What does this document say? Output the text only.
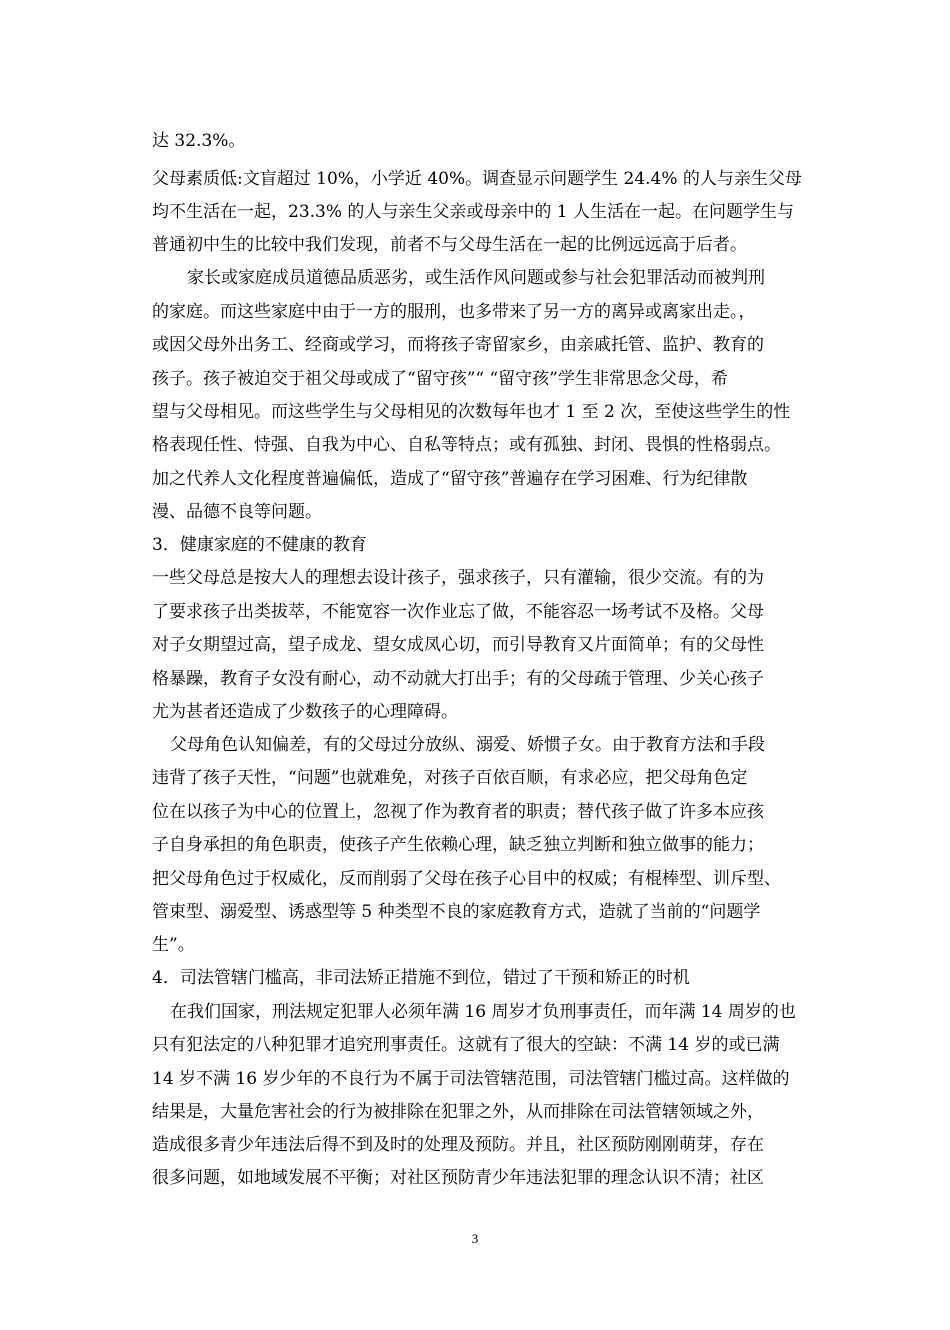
达 32.3%。
父母素质低:文盲超过 10%，小学近 40%。调查显示问题学生 24.4% 的人与亲生父母
均不生活在一起，23.3% 的人与亲生父亲或母亲中的 1 人生活在一起。在问题学生与
普通初中生的比较中我们发现，前者不与父母生活在一起的比例远远高于后者。
家长或家庭成员道德品质恶劣，或生活作风问题或参与社会犯罪活动而被判刑
的家庭。而这些家庭中由于一方的服刑，也多带来了另一方的离异或离家出走。，
或因父母外出务工、经商或学习，而将孩子寄留家乡，由亲戚托管、监护、教育的
孩子。孩子被迫交于祖父母或成了“留守孩”“ “留守孩”学生非常思念父母，希
望与父母相见。而这些学生与父母相见的次数每年也才 1 至 2 次，至使这些学生的性
格表现任性、恃强、自我为中心、自私等特点；或有孤独、封闭、畏惧的性格弱点。
加之代养人文化程度普遍偏低，造成了“留守孩”普遍存在学习困难、行为纪律散
漫、品德不良等问题。
3．健康家庭的不健康的教育
一些父母总是按大人的理想去设计孩子，强求孩子，只有灌输，很少交流。有的为
了要求孩子出类拔萃，不能宽容一次作业忘了做，不能容忍一场考试不及格。父母
对子女期望过高，望子成龙、望女成凤心切，而引导教育又片面简单；有的父母性
格暴躁，教育子女没有耐心，动不动就大打出手；有的父母疏于管理、少关心孩子
尤为甚者还造成了少数孩子的心理障碍。
父母角色认知偏差，有的父母过分放纵、溺爱、娇惯子女。由于教育方法和手段
违背了孩子天性，“问题”也就难免，对孩子百依百顺，有求必应，把父母角色定
位在以孩子为中心的位置上，忽视了作为教育者的职责；替代孩子做了许多本应孩
子自身承担的角色职责，使孩子产生依赖心理，缺乏独立判断和独立做事的能力；
把父母角色过于权威化，反而削弱了父母在孩子心目中的权威；有棍棒型、训斥型、
管束型、溺爱型、诱惑型等 5 种类型不良的家庭教育方式，造就了当前的“问题学
生”。
4．司法管辖门槛高，非司法矫正措施不到位，错过了干预和矫正的时机
在我们国家，刑法规定犯罪人必须年满 16 周岁才负刑事责任，而年满 14 周岁的也
只有犯法定的八种犯罪才追究刑事责任。这就有了很大的空缺：不满 14 岁的或已满
14 岁不满 16 岁少年的不良行为不属于司法管辖范围，司法管辖门槛过高。这样做的
结果是，大量危害社会的行为被排除在犯罪之外，从而排除在司法管辖领域之外，
造成很多青少年违法后得不到及时的处理及预防。并且，社区预防刚刚萌芽，存在
很多问题，如地域发展不平衡；对社区预防青少年违法犯罪的理念认识不清；社区
3
